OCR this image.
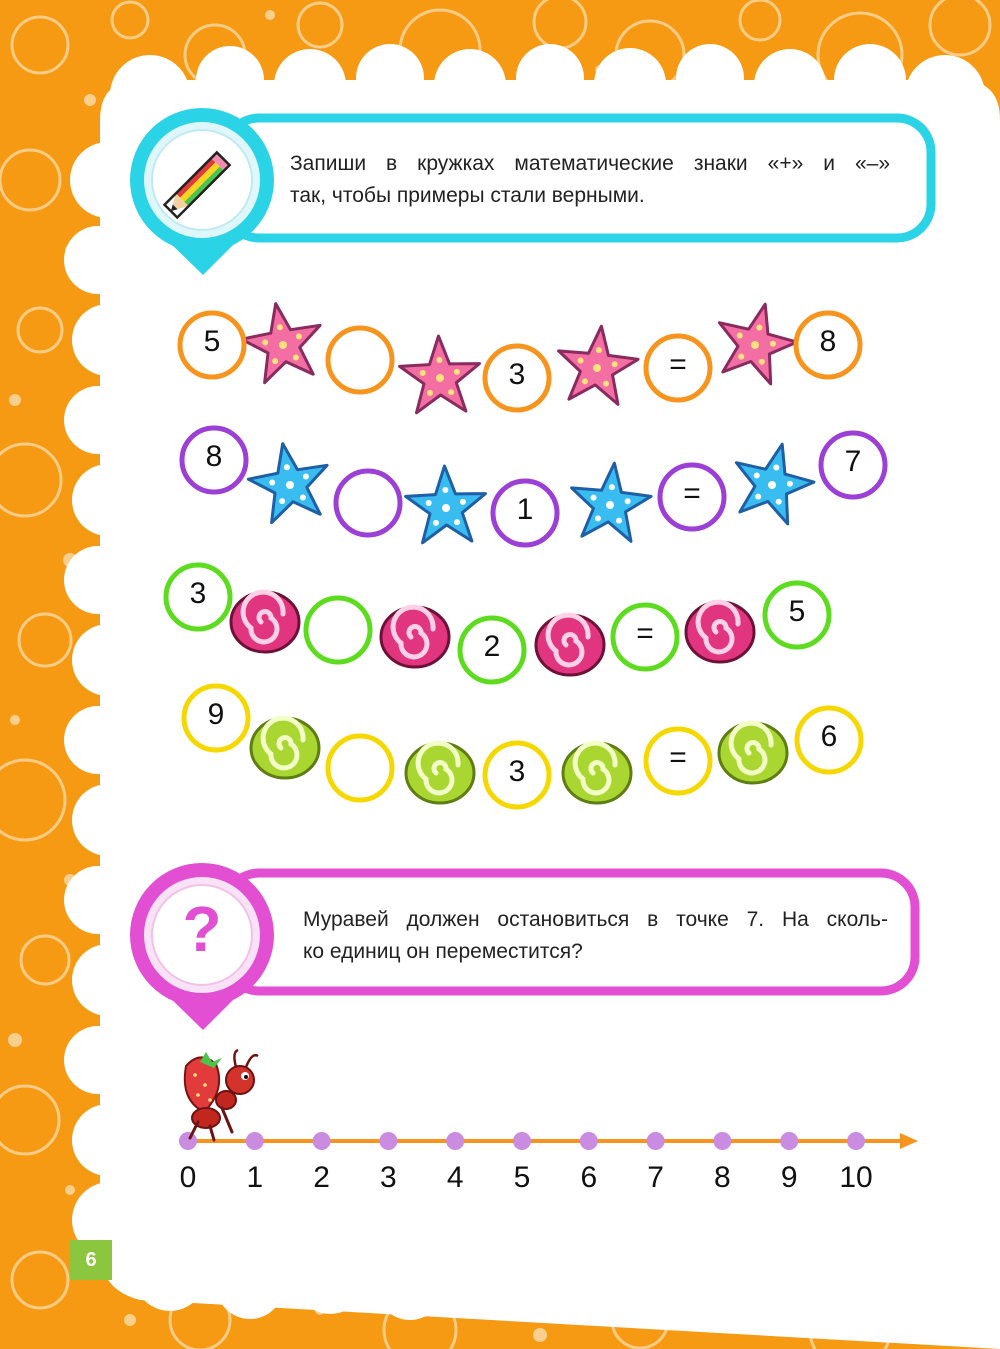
Запиши в кружках математические знаки «+» и «–»
так, чтобы примеры стали верными.
?	Муравей должен остановиться в точке 7. На сколь-
ко единиц он переместится?
5
3	=
8
8
1	=
7
3
2	=
5
9
3	=
6
0	1	2	3	4	5	6	7	8	9	10
6
